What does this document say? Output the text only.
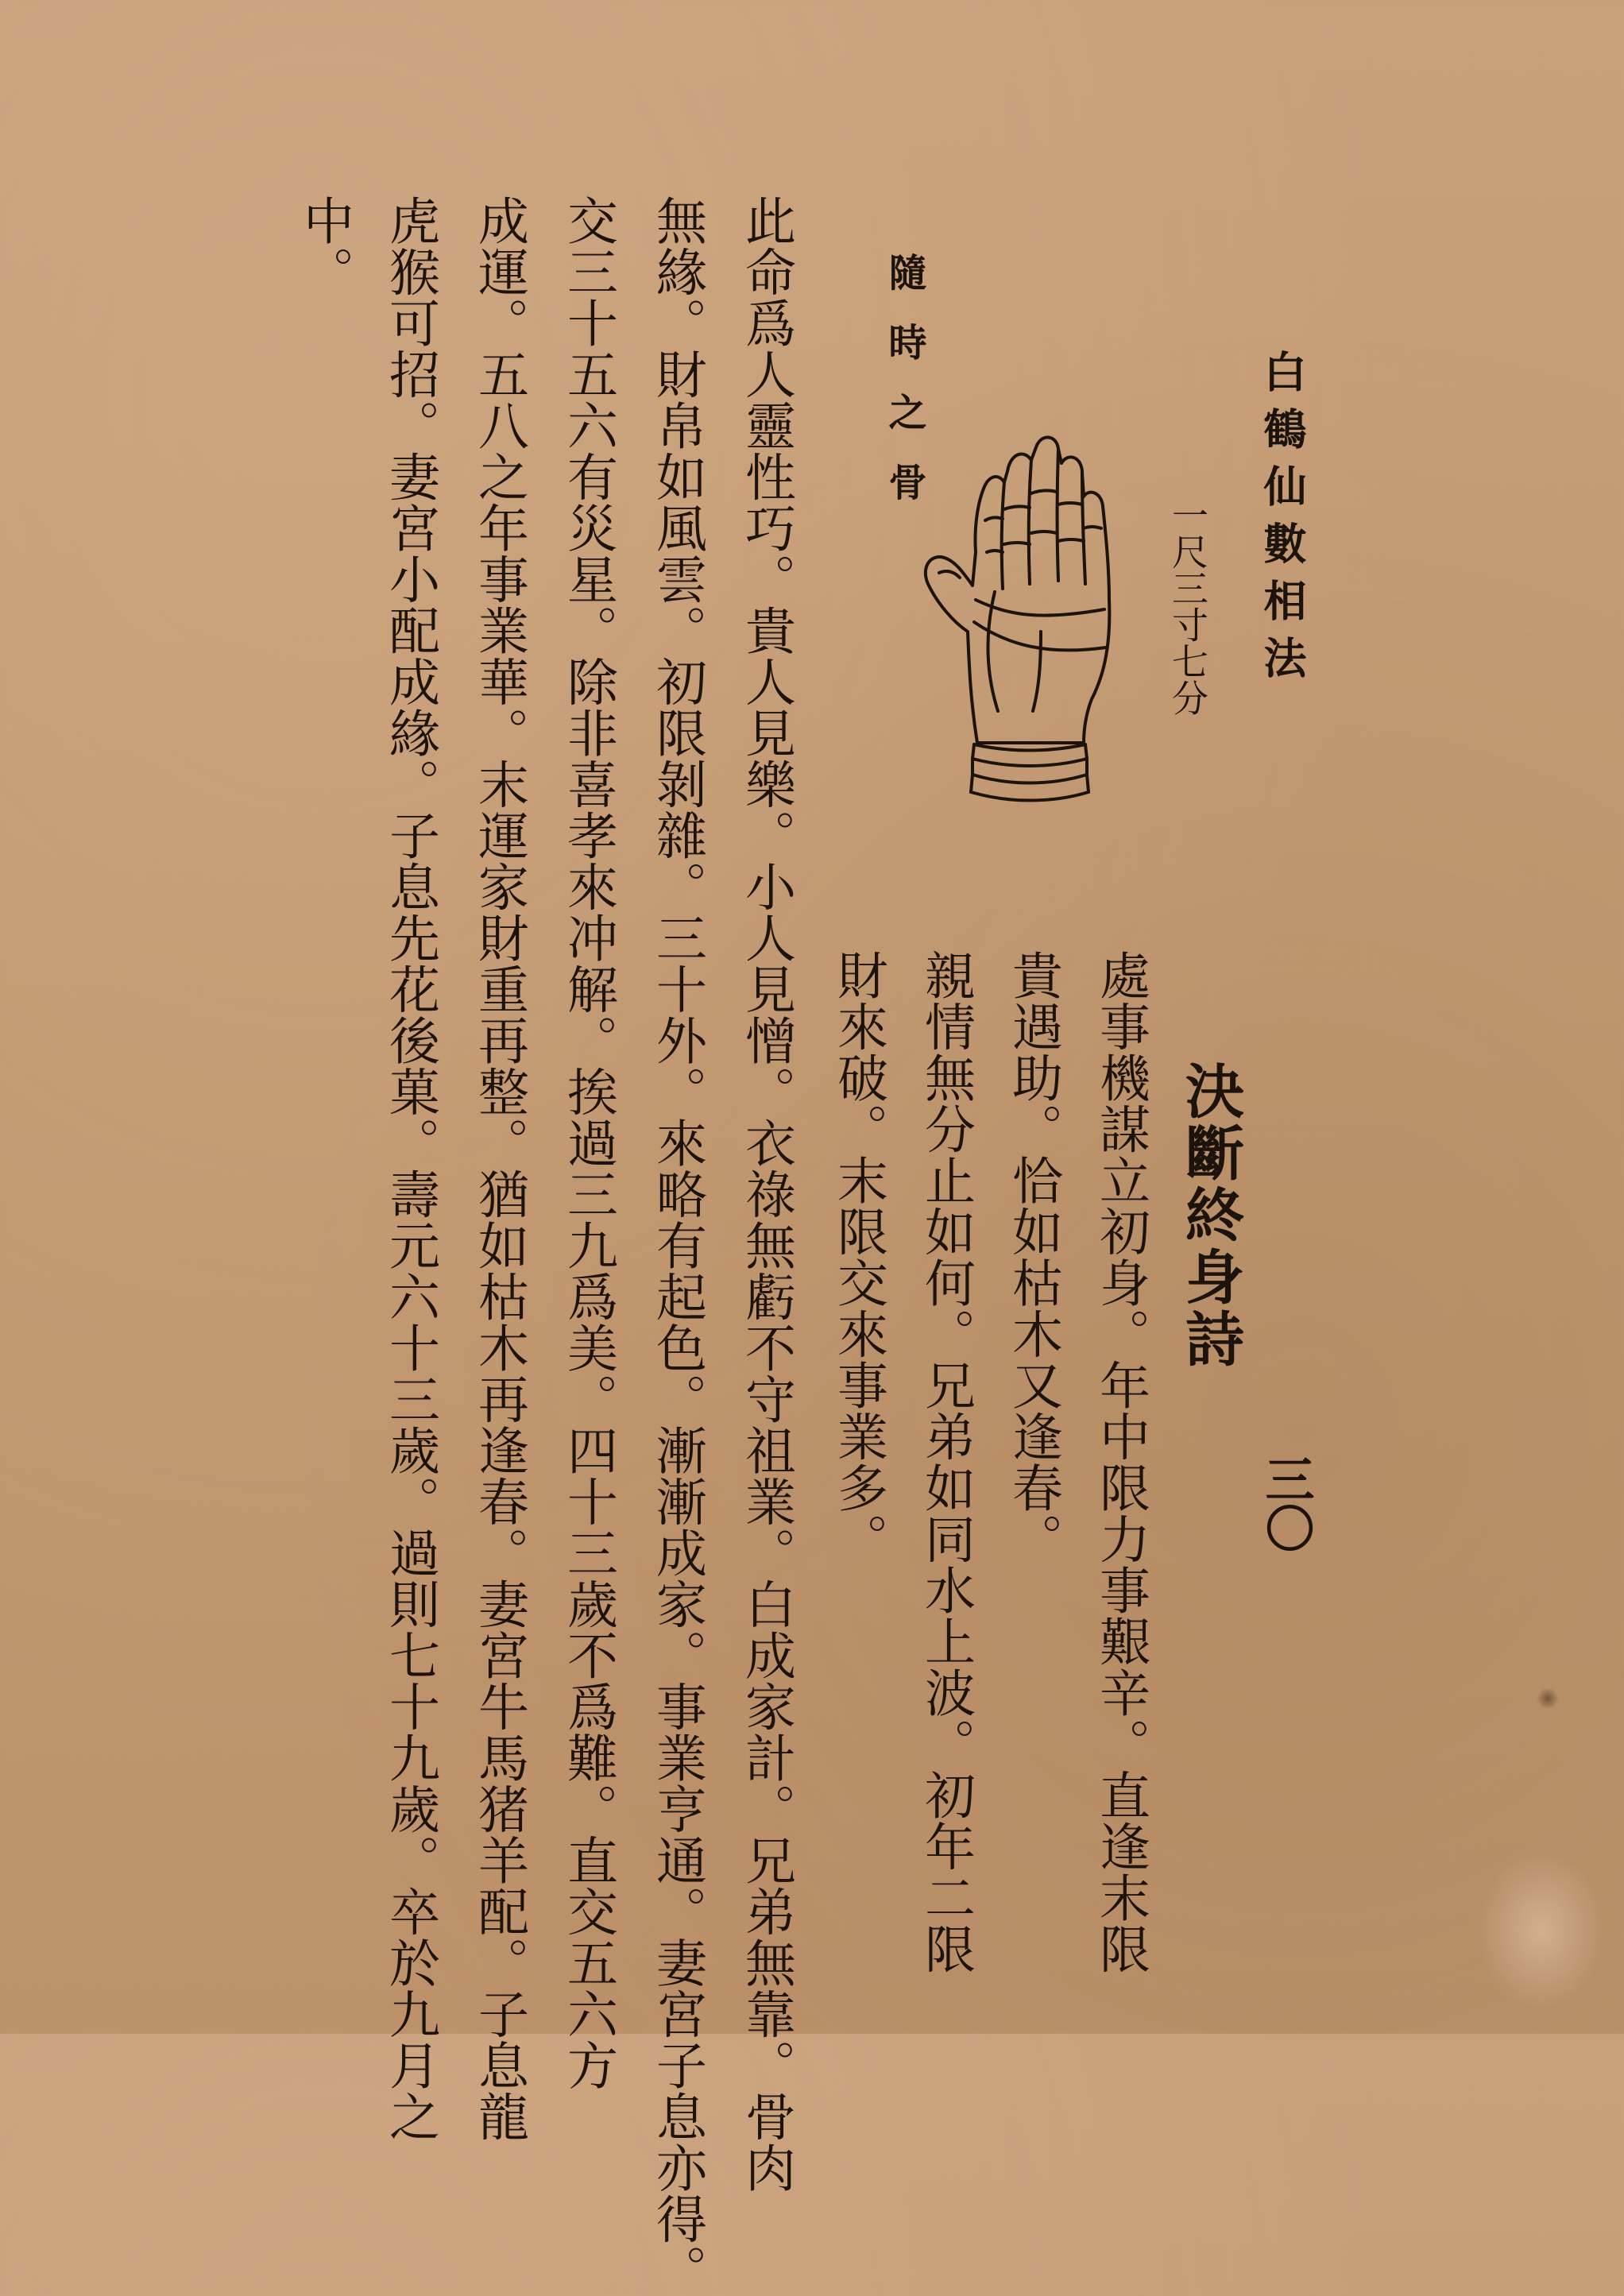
白鶴仙數相法
三〇
隨時之骨
一尺三寸七分
決斷終身詩
處事機謀立初身。年中限力事艱辛。直逢末限
貴遇助。恰如枯木又逢春。
親情無分止如何。兄弟如同水上波。初年二限
財來破。末限交來事業多。
此命爲人靈性巧。貴人見樂。小人見憎。衣祿無虧不守祖業。白成家計。兄弟無靠。骨肉
無緣。財帛如風雲。初限剝雜。三十外。來略有起色。漸漸成家。事業亨通。妻宮子息亦得。
交三十五六有災星。除非喜孝來冲解。挨過三九爲美。四十三歲不爲難。直交五六方
成運。五八之年事業華。末運家財重再整。猶如枯木再逢春。妻宮牛馬猪羊配。子息龍
虎猴可招。妻宮小配成緣。子息先花後菓。壽元六十三歲。過則七十九歲。卒於九月之
中。
